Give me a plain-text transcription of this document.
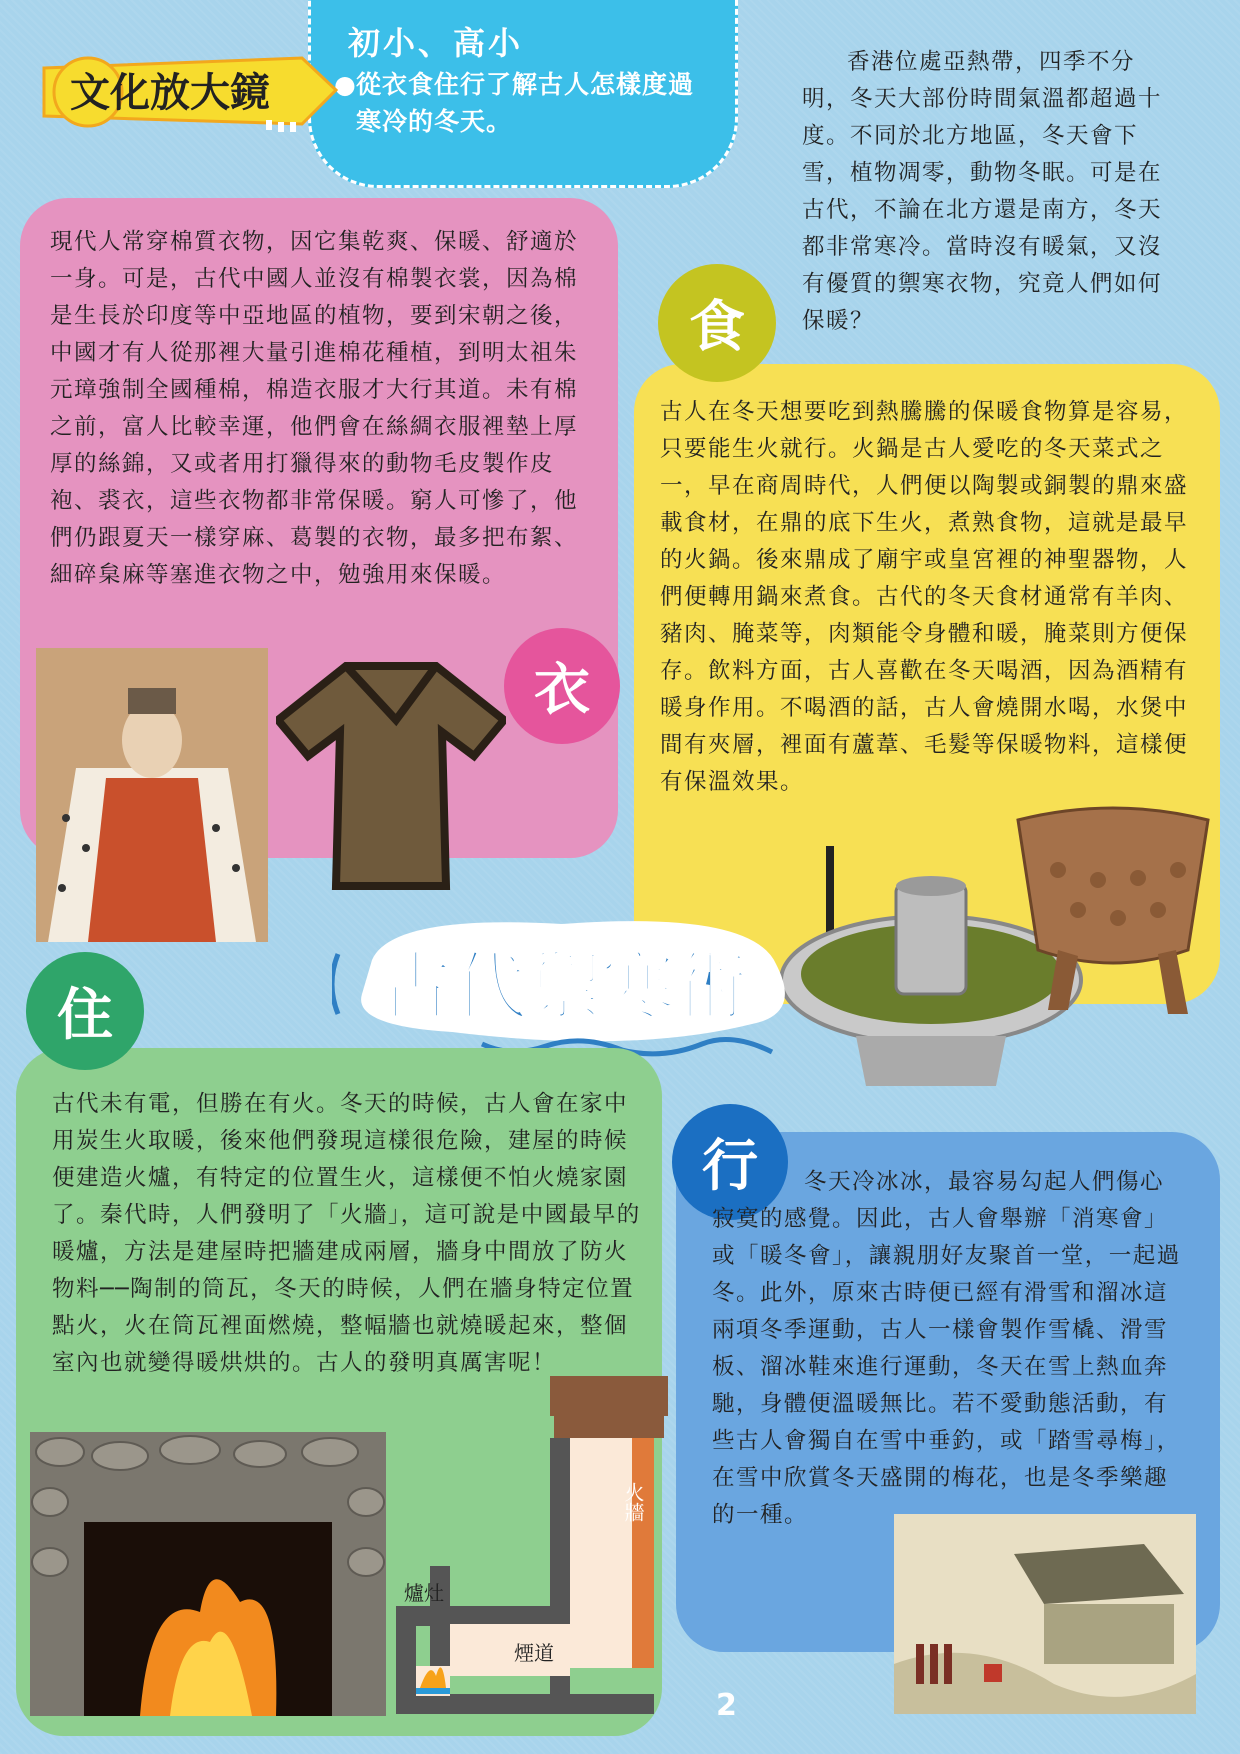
初小、高小
● 從衣食住行了解古人怎樣度過寒冷的冬天。
文化放大鏡

香港位處亞熱帶，四季不分明，冬天大部份時間氣溫都超過十度。不同於北方地區，冬天會下雪，植物凋零，動物冬眠。可是在古代，不論在北方還是南方，冬天都非常寒冷。當時沒有暖氣，又沒有優質的禦寒衣物，究竟人們如何保暖？

現代人常穿棉質衣物，因它集乾爽、保暖、舒適於一身。可是，古代中國人並沒有棉製衣裳，因為棉是生長於印度等中亞地區的植物，要到宋朝之後，中國才有人從那裡大量引進棉花種植，到明太祖朱元璋強制全國種棉，棉造衣服才大行其道。未有棉之前，富人比較幸運，他們會在絲綢衣服裡墊上厚厚的絲錦，又或者用打獵得來的動物毛皮製作皮袍、裘衣，這些衣物都非常保暖。窮人可慘了，他們仍跟夏天一樣穿麻、葛製的衣物，最多把布絮、細碎枲麻等塞進衣物之中，勉強用來保暖。

衣
食

古人在冬天想要吃到熱騰騰的保暖食物算是容易，只要能生火就行。火鍋是古人愛吃的冬天菜式之一，早在商周時代，人們便以陶製或銅製的鼎來盛載食材，在鼎的底下生火，煮熟食物，這就是最早的火鍋。後來鼎成了廟宇或皇宮裡的神聖器物，人們便轉用鍋來煮食。古代的冬天食材通常有羊肉、豬肉、腌菜等，肉類能令身體和暖，腌菜則方便保存。飲料方面，古人喜歡在冬天喝酒，因為酒精有暖身作用。不喝酒的話，古人會燒開水喝，水煲中間有夾層，裡面有蘆葦、毛髮等保暖物料，這樣便有保溫效果。

古代禦寒術
住

古代未有電，但勝在有火。冬天的時候，古人會在家中用炭生火取暖，後來他們發現這樣很危險，建屋的時候便建造火爐，有特定的位置生火，這樣便不怕火燒家園了。秦代時，人們發明了「火牆」，這可說是中國最早的暖爐，方法是建屋時把牆建成兩層，牆身中間放了防火物料──陶制的筒瓦，冬天的時候，人們在牆身特定位置點火，火在筒瓦裡面燃燒，整幅牆也就燒暖起來，整個室內也就變得暖烘烘的。古人的發明真厲害呢！

爐灶
煙道
火牆
行	冬天冷冰冰，最容易勾起人們傷心寂寞的感覺。因此，古人會舉辦「消寒會」或「暖冬會」，讓親朋好友聚首一堂，一起過冬。此外，原來古時便已經有滑雪和溜冰這兩項冬季運動，古人一樣會製作雪橇、滑雪板、溜冰鞋來進行運動，冬天在雪上熱血奔馳，身體便溫暖無比。若不愛動態活動，有些古人會獨自在雪中垂釣，或「踏雪尋梅」，在雪中欣賞冬天盛開的梅花，也是冬季樂趣的一種。

2
